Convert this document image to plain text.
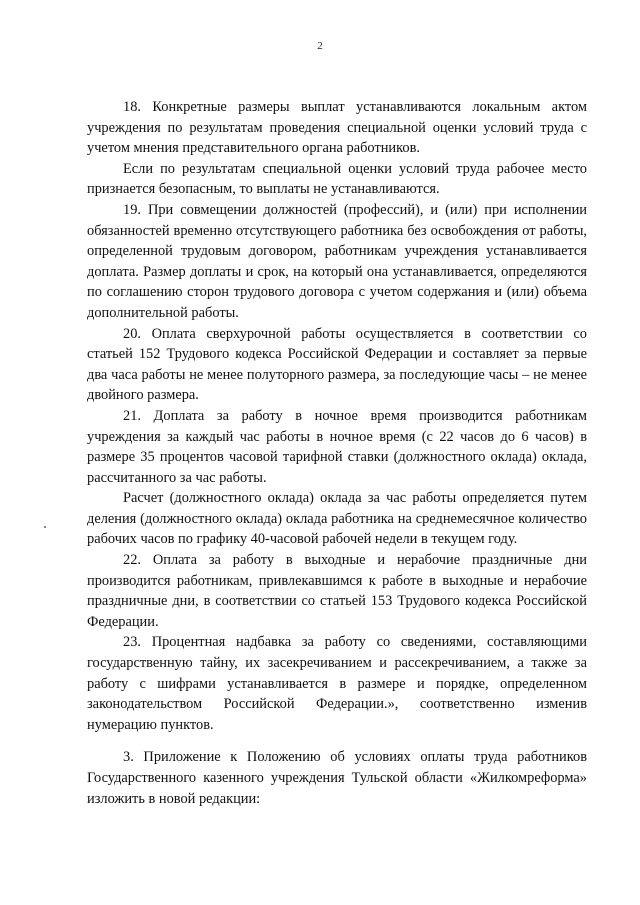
2

18. Конкретные размеры выплат устанавливаются локальным актом учреждения по результатам проведения специальной оценки условий труда с учетом мнения представительного органа работников.

Если по результатам специальной оценки условий труда рабочее место признается безопасным, то выплаты не устанавливаются.

19. При совмещении должностей (профессий), и (или) при исполнении обязанностей временно отсутствующего работника без освобождения от работы, определенной трудовым договором, работникам учреждения устанавливается доплата. Размер доплаты и срок, на который она устанавливается, определяются по соглашению сторон трудового договора с учетом содержания и (или) объема дополнительной работы.

20. Оплата сверхурочной работы осуществляется в соответствии со статьей 152 Трудового кодекса Российской Федерации и составляет за первые два часа работы не менее полуторного размера, за последующие часы – не менее двойного размера.

21. Доплата за работу в ночное время производится работникам учреждения за каждый час работы в ночное время (с 22 часов до 6 часов) в размере 35 процентов часовой тарифной ставки (должностного оклада) оклада, рассчитанного за час работы.

Расчет (должностного оклада) оклада за час работы определяется путем деления (должностного оклада) оклада работника на среднемесячное количество рабочих часов по графику 40-часовой рабочей недели в текущем году.

22. Оплата за работу в выходные и нерабочие праздничные дни производится работникам, привлекавшимся к работе в выходные и нерабочие праздничные дни, в соответствии со статьей 153 Трудового кодекса Российской Федерации.

23. Процентная надбавка за работу со сведениями, составляющими государственную тайну, их засекречиванием и рассекречиванием, а также за работу с шифрами устанавливается в размере и порядке, определенном законодательством Российской Федерации.», соответственно изменив нумерацию пунктов.

3. Приложение к Положению об условиях оплаты труда работников Государственного казенного учреждения Тульской области «Жилкомреформа» изложить в новой редакции:
